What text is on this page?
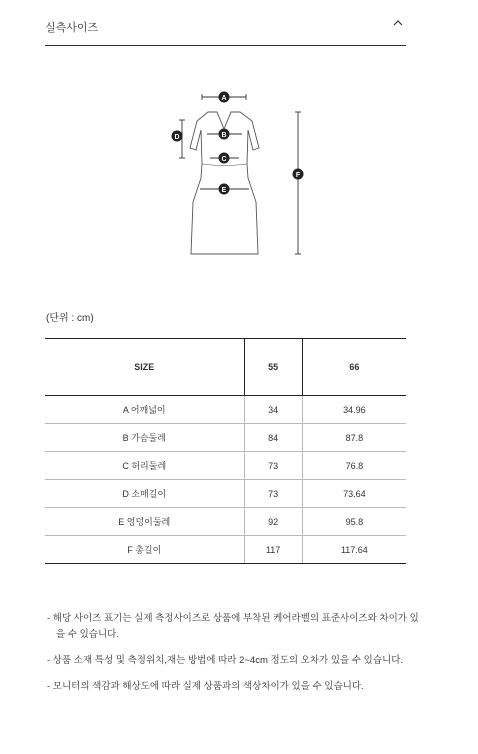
실측사이즈
A
B
C
D
E
F
(단위 : cm)
SIZE	55	66
A 어깨넓이	34	34.96
B 가슴둘레	84	87.8
C 허리둘레	73	76.8
D 소매길이	73	73.64
E 엉덩이둘레	92	95.8
F 총길이	117	117.64

- 해당 사이즈 표기는 실제 측정사이즈로 상품에 부착된 케어라벨의 표준사이즈와 차이가 있을 수 있습니다.

- 상품 소재 특성 및 측정위치,재는 방법에 따라 2~4cm 정도의 오차가 있을 수 있습니다.

- 모니터의 색감과 해상도에 따라 실제 상품과의 색상차이가 있을 수 있습니다.
